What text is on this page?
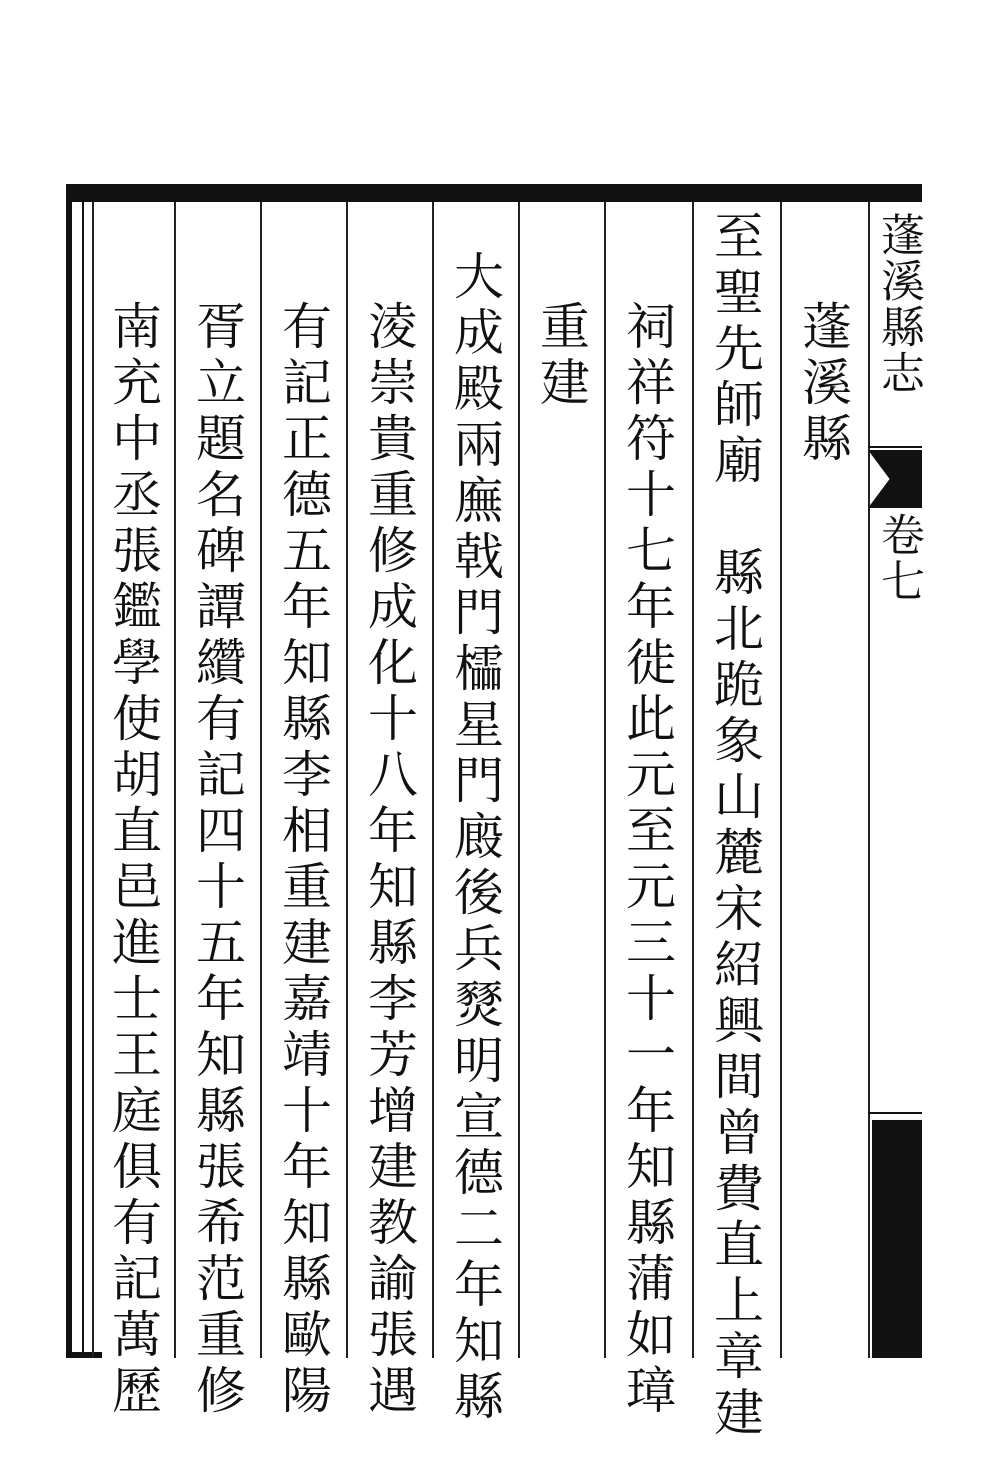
蓬溪縣志
卷七
蓬溪縣
至聖先師廟　縣北跪象山麓宋紹興間曾費直上章建
祠祥符十七年徙此元至元三十一年知縣蒲如璋
重建
大成殿兩廡戟門櫺星門廄後兵燹明宣德二年知縣
淩崇貴重修成化十八年知縣李芳增建教諭張遇
有記正德五年知縣李相重建嘉靖十年知縣歐陽
胥立題名碑譚纘有記四十五年知縣張希范重修
南充中丞張鑑學使胡直邑進士王庭俱有記萬歷
